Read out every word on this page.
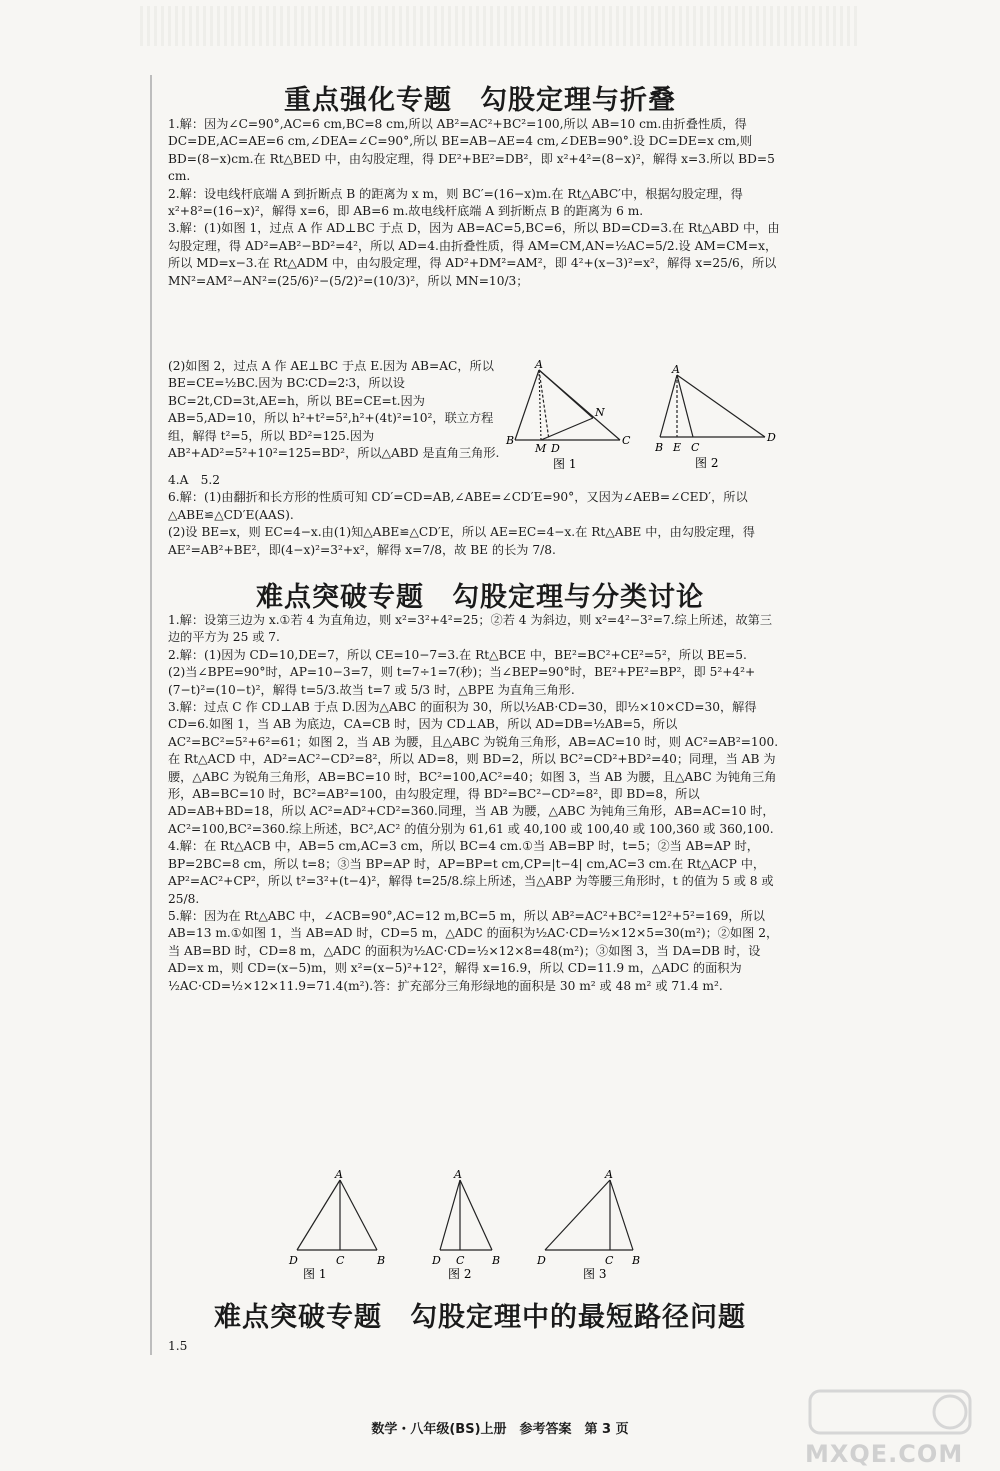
重点强化专题　勾股定理与折叠

1.解：因为∠C=90°,AC=6 cm,BC=8 cm,所以 AB²=AC²+BC²=100,所以 AB=10 cm.由折叠性质，得 DC=DE,AC=AE=6 cm,∠DEA=∠C=90°,所以 BE=AB−AE=4 cm,∠DEB=90°.设 DC=DE=x cm,则 BD=(8−x)cm.在 Rt△BED 中，由勾股定理，得 DE²+BE²=DB²，即 x²+4²=(8−x)²，解得 x=3.所以 BD=5 cm.

2.解：设电线杆底端 A 到折断点 B 的距离为 x m，则 BC′=(16−x)m.在 Rt△ABC′中，根据勾股定理，得 x²+8²=(16−x)²，解得 x=6，即 AB=6 m.故电线杆底端 A 到折断点 B 的距离为 6 m.

3.解：(1)如图 1，过点 A 作 AD⊥BC 于点 D，因为 AB=AC=5,BC=6，所以 BD=CD=3.在 Rt△ABD 中，由勾股定理，得 AD²=AB²−BD²=4²，所以 AD=4.由折叠性质，得 AM=CM,AN=½AC=5/2.设 AM=CM=x，所以 MD=x−3.在 Rt△ADM 中，由勾股定理，得 AD²+DM²=AM²，即 4²+(x−3)²=x²，解得 x=25/6，所以 MN²=AM²−AN²=(25/6)²−(5/2)²=(10/3)²，所以 MN=10/3；

(2)如图 2，过点 A 作 AE⊥BC 于点 E.因为 AB=AC，所以 BE=CE=½BC.因为 BC∶CD=2∶3，所以设 BC=2t,CD=3t,AE=h，所以 BE=CE=t.因为 AB=5,AD=10，所以 h²+t²=5²,h²+(4t)²=10²，联立方程组，解得 t²=5，所以 BD²=125.因为 AB²+AD²=5²+10²=125=BD²，所以△ABD 是直角三角形.

A
B	C
D
M
N
图 1
A
B E C
D
图 2

4.A　5.2

6.解：(1)由翻折和长方形的性质可知 CD′=CD=AB,∠ABE=∠CD′E=90°，又因为∠AEB=∠CED′，所以△ABE≌△CD′E(AAS).

(2)设 BE=x，则 EC=4−x.由(1)知△ABE≌△CD′E，所以 AE=EC=4−x.在 Rt△ABE 中，由勾股定理，得 AE²=AB²+BE²，即(4−x)²=3²+x²，解得 x=7/8，故 BE 的长为 7/8.

难点突破专题　勾股定理与分类讨论

1.解：设第三边为 x.①若 4 为直角边，则 x²=3²+4²=25；②若 4 为斜边，则 x²=4²−3²=7.综上所述，故第三边的平方为 25 或 7.

2.解：(1)因为 CD=10,DE=7，所以 CE=10−7=3.在 Rt△BCE 中，BE²=BC²+CE²=5²，所以 BE=5.

(2)当∠BPE=90°时，AP=10−3=7，则 t=7÷1=7(秒)；当∠BEP=90°时，BE²+PE²=BP²，即 5²+4²+(7−t)²=(10−t)²，解得 t=5/3.故当 t=7 或 5/3 时，△BPE 为直角三角形.

3.解：过点 C 作 CD⊥AB 于点 D.因为△ABC 的面积为 30，所以½AB·CD=30，即½×10×CD=30，解得 CD=6.如图 1，当 AB 为底边，CA=CB 时，因为 CD⊥AB，所以 AD=DB=½AB=5，所以 AC²=BC²=5²+6²=61；如图 2，当 AB 为腰，且△ABC 为锐角三角形，AB=AC=10 时，则 AC²=AB²=100.在 Rt△ACD 中，AD²=AC²−CD²=8²，所以 AD=8，则 BD=2，所以 BC²=CD²+BD²=40；同理，当 AB 为腰，△ABC 为锐角三角形，AB=BC=10 时，BC²=100,AC²=40；如图 3，当 AB 为腰，且△ABC 为钝角三角形，AB=BC=10 时，BC²=AB²=100，由勾股定理，得 BD²=BC²−CD²=8²，即 BD=8，所以 AD=AB+BD=18，所以 AC²=AD²+CD²=360.同理，当 AB 为腰，△ABC 为钝角三角形，AB=AC=10 时，AC²=100,BC²=360.综上所述，BC²,AC² 的值分别为 61,61 或 40,100 或 100,40 或 100,360 或 360,100.

4.解：在 Rt△ACB 中，AB=5 cm,AC=3 cm，所以 BC=4 cm.①当 AB=BP 时，t=5；②当 AB=AP 时，BP=2BC=8 cm，所以 t=8；③当 BP=AP 时，AP=BP=t cm,CP=|t−4| cm,AC=3 cm.在 Rt△ACP 中，AP²=AC²+CP²，所以 t²=3²+(t−4)²，解得 t=25/8.综上所述，当△ABP 为等腰三角形时，t 的值为 5 或 8 或 25/8.

5.解：因为在 Rt△ABC 中，∠ACB=90°,AC=12 m,BC=5 m，所以 AB²=AC²+BC²=12²+5²=169，所以 AB=13 m.①如图 1，当 AB=AD 时，CD=5 m，△ADC 的面积为½AC·CD=½×12×5=30(m²)；②如图 2，当 AB=BD 时，CD=8 m，△ADC 的面积为½AC·CD=½×12×8=48(m²)；③如图 3，当 DA=DB 时，设 AD=x m，则 CD=(x−5)m，则 x²=(x−5)²+12²，解得 x=16.9，所以 CD=11.9 m，△ADC 的面积为½AC·CD=½×12×11.9=71.4(m²).答：扩充部分三角形绿地的面积是 30 m² 或 48 m² 或 71.4 m².

A
D	C	B
图 1
A
D C	B
图 2
A
D	C B
图 3
难点突破专题　勾股定理中的最短路径问题

1.5

数学・八年级(BS)上册　参考答案　第 3 页
MXQE.COM
